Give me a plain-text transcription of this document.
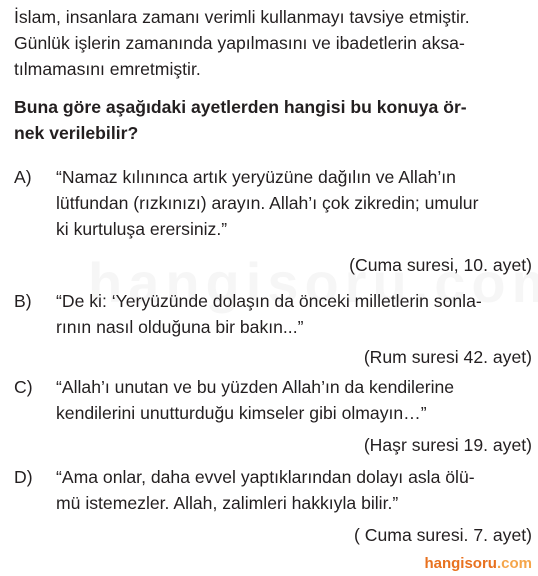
İslam, insanlara zamanı verimli kullanmayı tavsiye etmiştir.
Günlük işlerin zamanında yapılmasını ve ibadetlerin aksa-
tılmamasını emretmiştir.
Buna göre aşağıdaki ayetlerden hangisi bu konuya ör-
nek verilebilir?
A) “Namaz kılınınca artık yeryüzüne dağılın ve Allah’ın
lütfundan (rızkınızı) arayın. Allah’ı çok zikredin; umulur
ki kurtuluşa erersiniz.”
(Cuma suresi, 10. ayet)
B) “De ki: ‘Yeryüzünde dolaşın da önceki milletlerin sonla-
rının nasıl olduğuna bir bakın...”
(Rum suresi 42. ayet)
C) “Allah’ı unutan ve bu yüzden Allah’ın da kendilerine
kendilerini unutturduğu kimseler gibi olmayın…”
(Haşr suresi 19. ayet)
D) “Ama onlar, daha evvel yaptıklarından dolayı asla ölü-
mü istemezler. Allah, zalimleri hakkıyla bilir.”
( Cuma suresi. 7. ayet)
hangisoru.com
